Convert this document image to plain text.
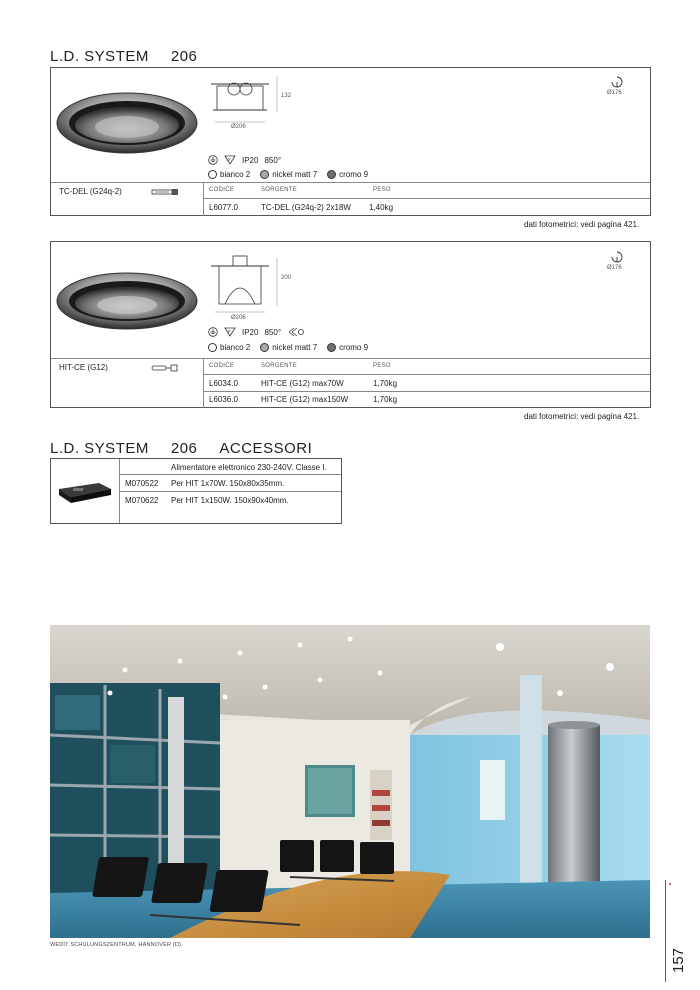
L.D. SYSTEM 206
132
Ø206
Ø176
F IP20 850°
bianco 2	nickel matt 7	cromo 9
TC-DEL (G24q-2)	CODICE	SORGENTE	PESO
L6077.0	TC-DEL (G24q-2) 2x18W 1,40kg
dati fotometrici: vedi pagina 421.
200
Ø206
Ø176
F IP20 850°
bianco 2	nickel matt 7	cromo 9
HIT-CE (G12)	CODICE	SORGENTE	PESO
L6034.0	HIT-CE (G12) max70W	1,70kg
L6036.0	HIT-CE (G12) max150W	1,70kg
dati fotometrici: vedi pagina 421.
L.D. SYSTEM 206 ACCESSORI
Alimentatore elettronico 230-240V. Classe I.
M070522 Per HIT 1x70W. 150x80x35mm.
M070622 Per HIT 1x150W. 150x90x40mm.
WEDIT SCHULUNGSZENTRUM, HANNOVER (D).
157
